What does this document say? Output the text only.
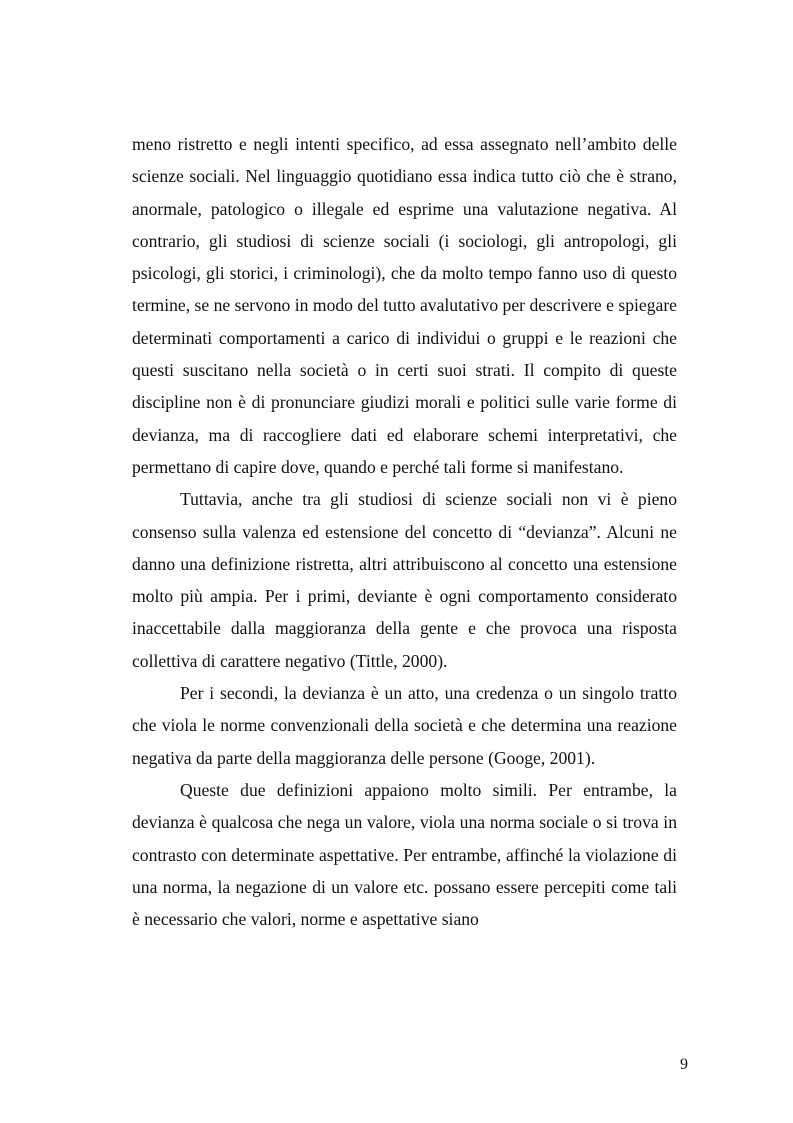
meno ristretto e negli intenti specifico, ad essa assegnato nell’ambito delle scienze sociali. Nel linguaggio quotidiano essa indica tutto ciò che è strano, anormale, patologico o illegale ed esprime una valutazione negativa. Al contrario, gli studiosi di scienze sociali (i sociologi, gli antropologi, gli psicologi, gli storici, i criminologi), che da molto tempo fanno uso di questo termine, se ne servono in modo del tutto avalutativo per descrivere e spiegare determinati comportamenti a carico di individui o gruppi e le reazioni che questi suscitano nella società o in certi suoi strati. Il compito di queste discipline non è di pronunciare giudizi morali e politici sulle varie forme di devianza, ma di raccogliere dati ed elaborare schemi interpretativi, che permettano di capire dove, quando e perché tali forme si manifestano.

Tuttavia, anche tra gli studiosi di scienze sociali non vi è pieno consenso sulla valenza ed estensione del concetto di “devianza”. Alcuni ne danno una definizione ristretta, altri attribuiscono al concetto una estensione molto più ampia. Per i primi, deviante è ogni comportamento considerato inaccettabile dalla maggioranza della gente e che provoca una risposta collettiva di carattere negativo (Tittle, 2000).

Per i secondi, la devianza è un atto, una credenza o un singolo tratto che viola le norme convenzionali della società e che determina una reazione negativa da parte della maggioranza delle persone (Googe, 2001).

Queste due definizioni appaiono molto simili. Per entrambe, la devianza è qualcosa che nega un valore, viola una norma sociale o si trova in contrasto con determinate aspettative. Per entrambe, affinché la violazione di una norma, la negazione di un valore etc. possano essere percepiti come tali è necessario che valori, norme e aspettative siano

9
